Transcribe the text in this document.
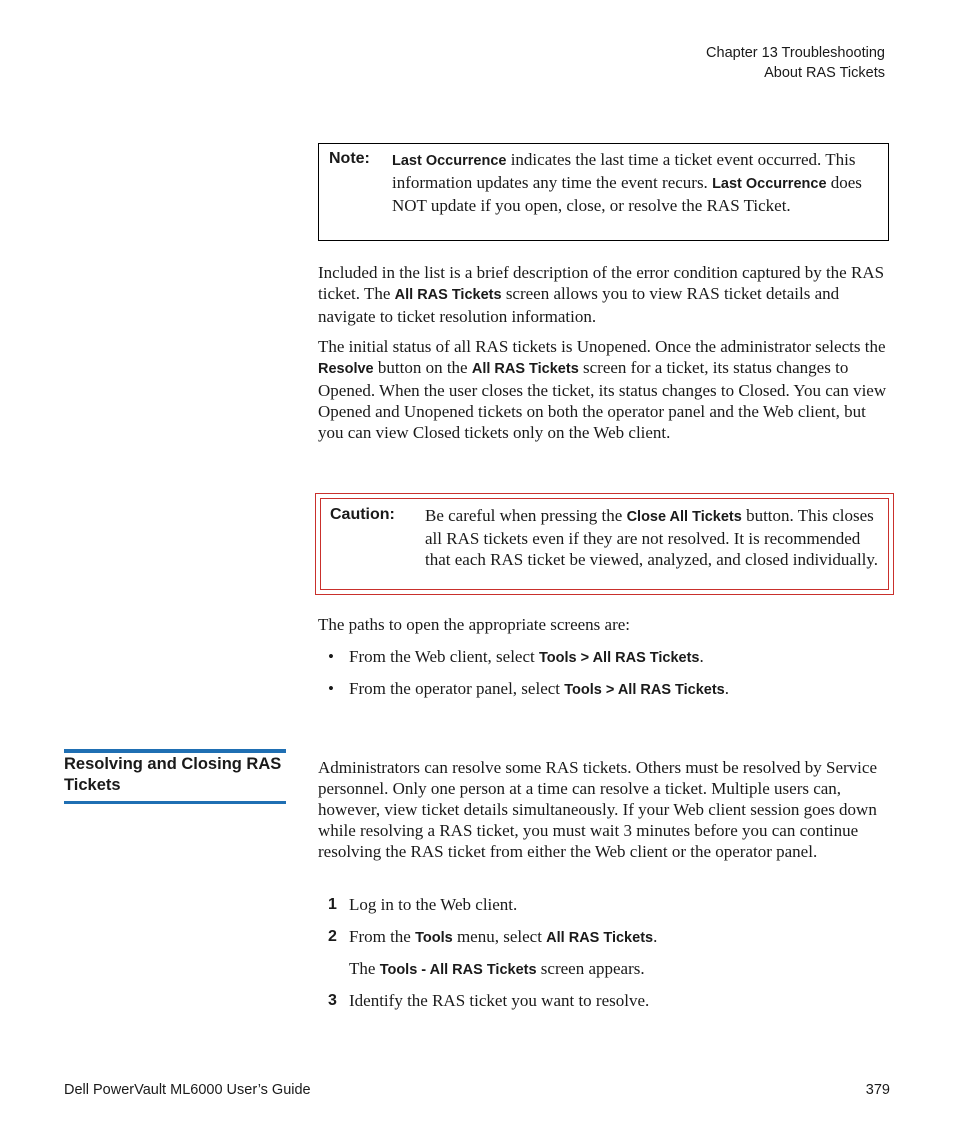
Chapter 13 Troubleshooting
About RAS Tickets
Note: Last Occurrence indicates the last time a ticket event occurred. This information updates any time the event recurs. Last Occurrence does NOT update if you open, close, or resolve the RAS Ticket.

Included in the list is a brief description of the error condition captured by the RAS ticket. The All RAS Tickets screen allows you to view RAS ticket details and navigate to ticket resolution information.

The initial status of all RAS tickets is Unopened. Once the administrator selects the Resolve button on the All RAS Tickets screen for a ticket, its status changes to Opened. When the user closes the ticket, its status changes to Closed. You can view Opened and Unopened tickets on both the operator panel and the Web client, but you can view Closed tickets only on the Web client.

Caution: Be careful when pressing the Close All Tickets button. This closes all RAS tickets even if they are not resolved. It is recommended that each RAS ticket be viewed, analyzed, and closed individually.

The paths to open the appropriate screens are:

• From the Web client, select Tools > All RAS Tickets.
• From the operator panel, select Tools > All RAS Tickets.
Resolving and Closing RAS Tickets

Administrators can resolve some RAS tickets. Others must be resolved by Service personnel. Only one person at a time can resolve a ticket. Multiple users can, however, view ticket details simultaneously. If your Web client session goes down while resolving a RAS ticket, you must wait 3 minutes before you can continue resolving the RAS ticket from either the Web client or the operator panel.

1 Log in to the Web client.
2 From the Tools menu, select All RAS Tickets.
The Tools - All RAS Tickets screen appears.
3 Identify the RAS ticket you want to resolve.
Dell PowerVault ML6000 User’s Guide	379
